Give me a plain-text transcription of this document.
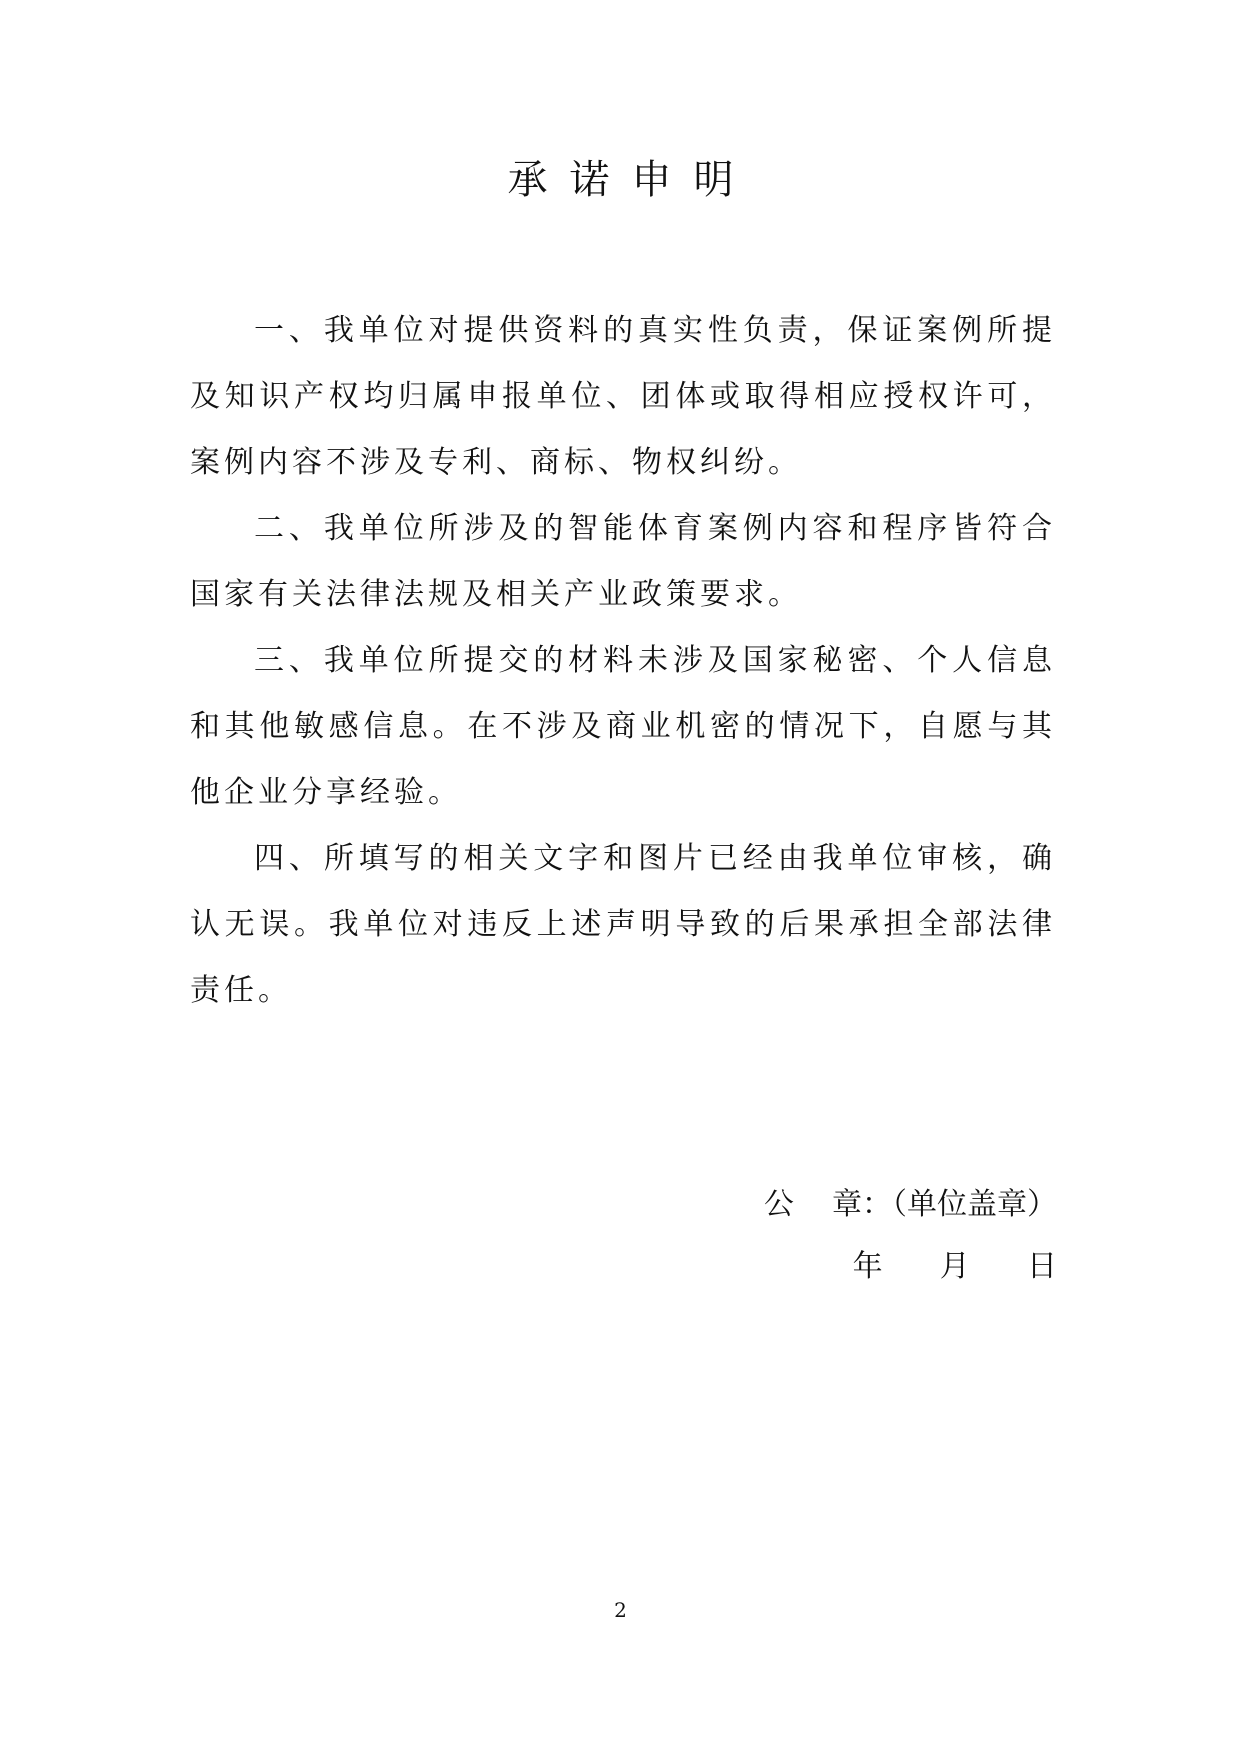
承诺申明

一、我单位对提供资料的真实性负责，保证案例所提及知识产权均归属申报单位、团体或取得相应授权许可，案例内容不涉及专利、商标、物权纠纷。

二、我单位所涉及的智能体育案例内容和程序皆符合国家有关法律法规及相关产业政策要求。

三、我单位所提交的材料未涉及国家秘密、个人信息和其他敏感信息。在不涉及商业机密的情况下，自愿与其他企业分享经验。

四、所填写的相关文字和图片已经由我单位审核，确认无误。我单位对违反上述声明导致的后果承担全部法律责任。

公    章：（单位盖章）
年      月      日
2
